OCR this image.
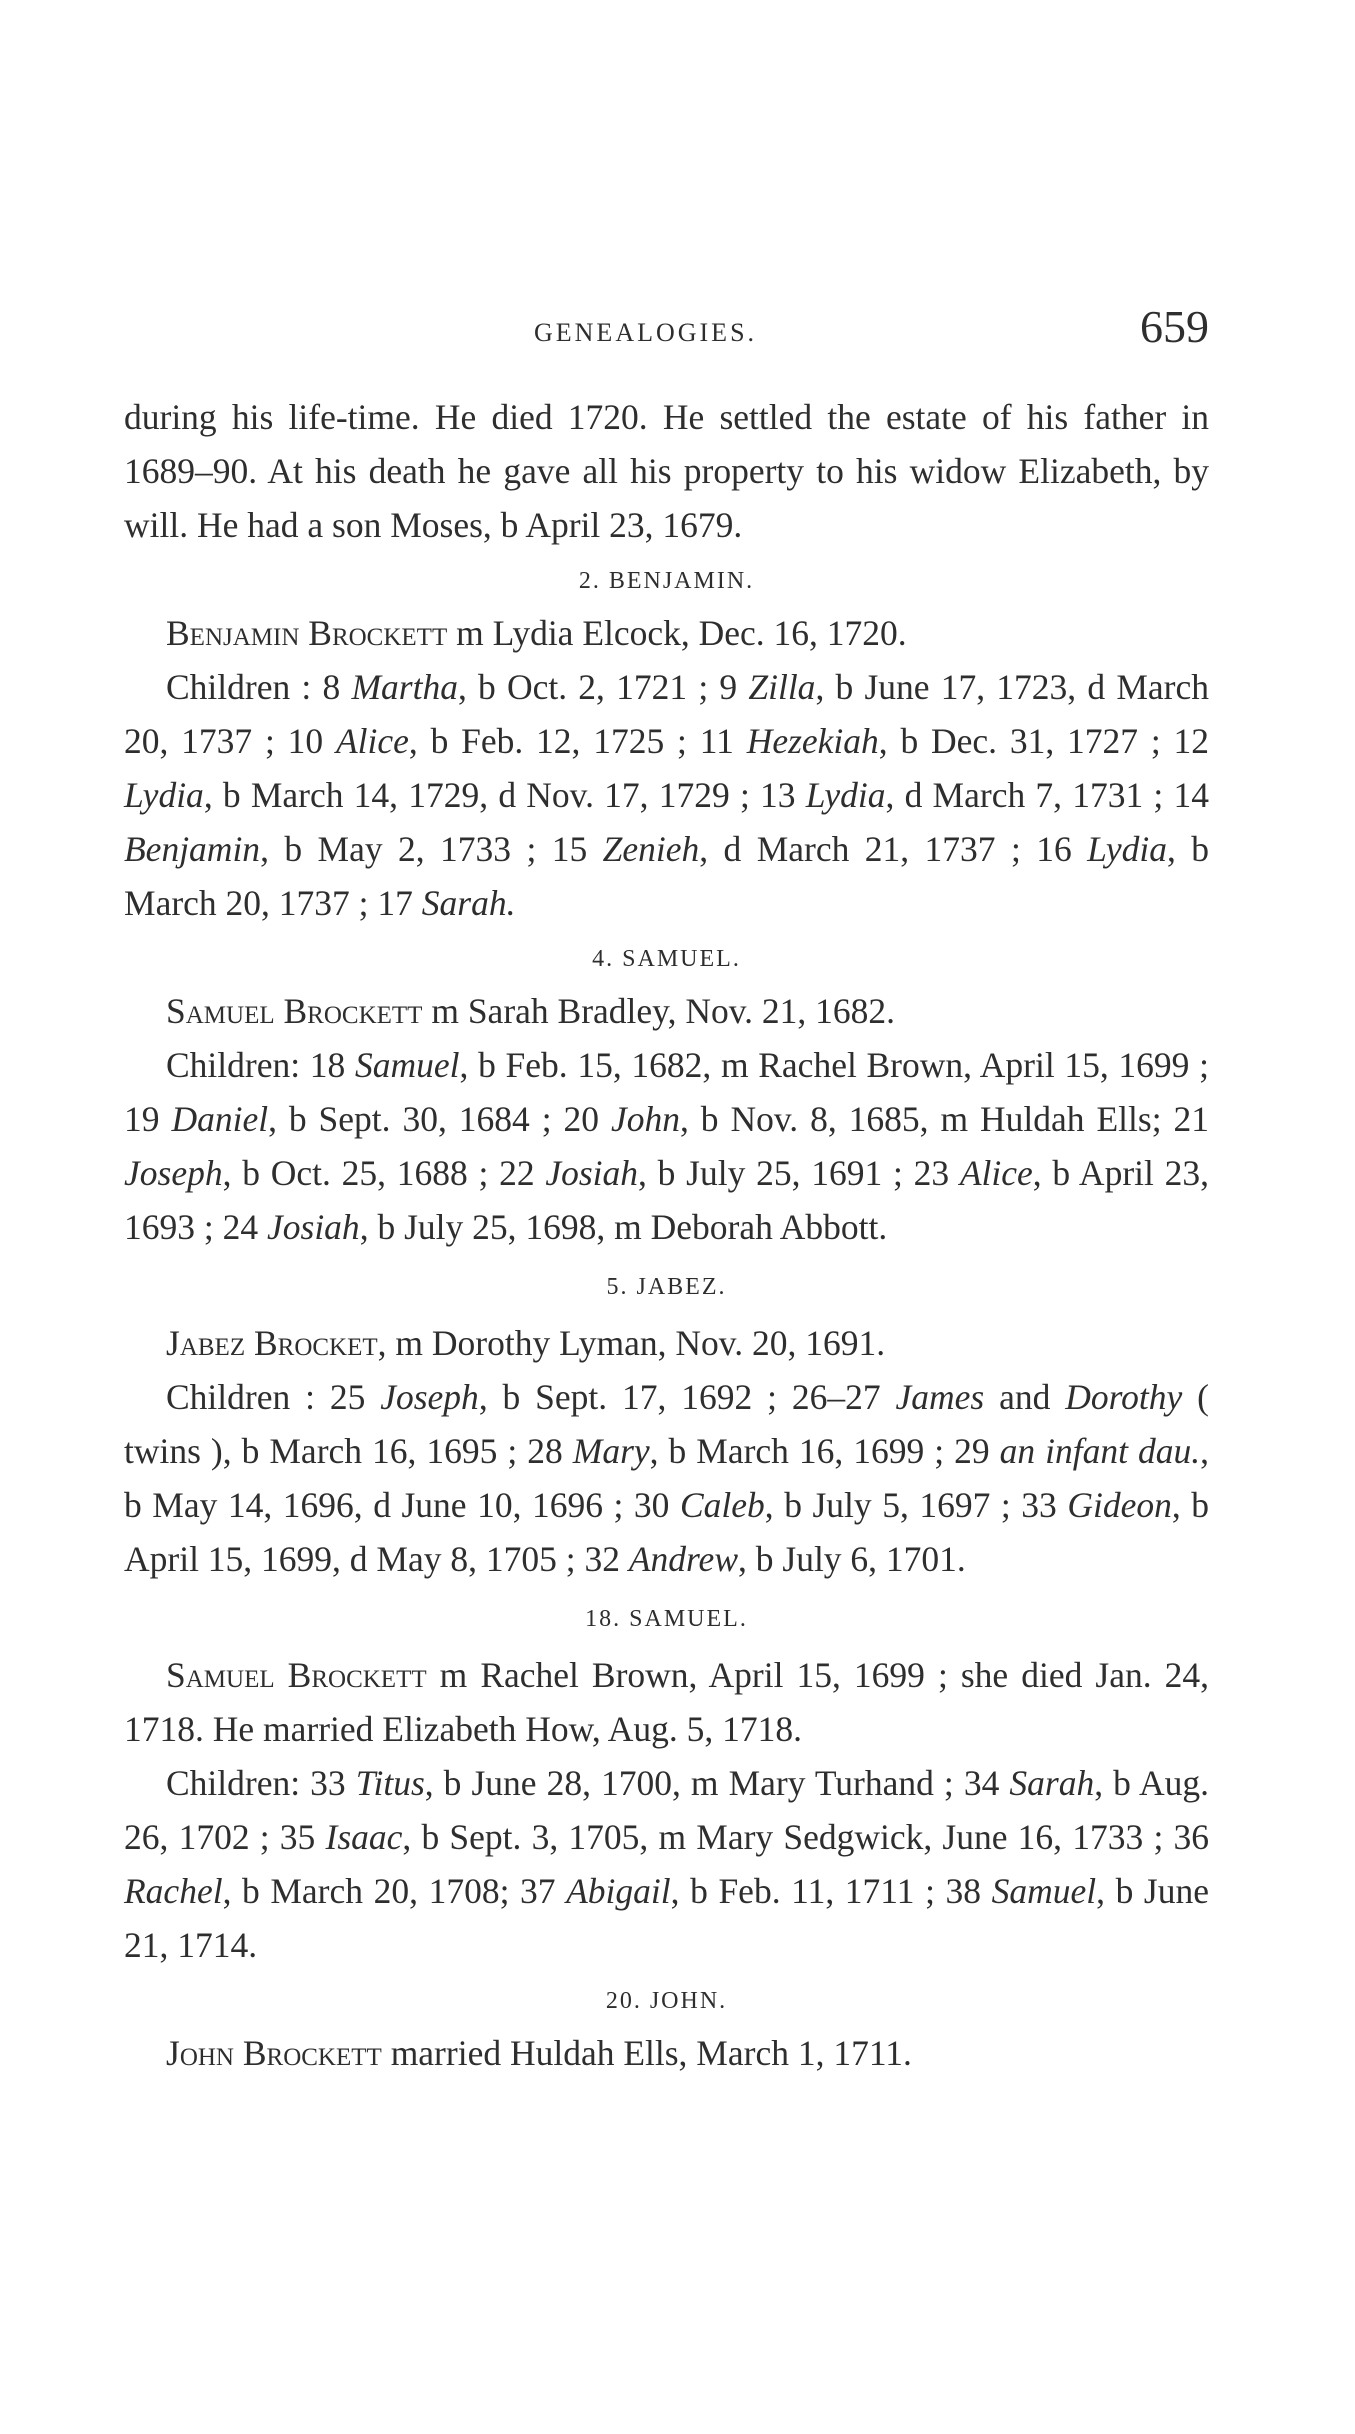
GENEALOGIES.	659

during his life-time. He died 1720. He settled the estate of his father in 1689–90. At his death he gave all his property to his widow Elizabeth, by will. He had a son Moses, b April 23, 1679.

2. BENJAMIN.

Benjamin Brockett m Lydia Elcock, Dec. 16, 1720.

Children : 8 Martha, b Oct. 2, 1721 ; 9 Zilla, b June 17, 1723, d March 20, 1737 ; 10 Alice, b Feb. 12, 1725 ; 11 Hezekiah, b Dec. 31, 1727 ; 12 Lydia, b March 14, 1729, d Nov. 17, 1729 ; 13 Lydia, d March 7, 1731 ; 14 Benjamin, b May 2, 1733 ; 15 Zenieh, d March 21, 1737 ; 16 Lydia, b March 20, 1737 ; 17 Sarah.

4. SAMUEL.

Samuel Brockett m Sarah Bradley, Nov. 21, 1682.

Children: 18 Samuel, b Feb. 15, 1682, m Rachel Brown, April 15, 1699 ; 19 Daniel, b Sept. 30, 1684 ; 20 John, b Nov. 8, 1685, m Huldah Ells; 21 Joseph, b Oct. 25, 1688 ; 22 Josiah, b July 25, 1691 ; 23 Alice, b April 23, 1693 ; 24 Josiah, b July 25, 1698, m Deborah Abbott.

5. JABEZ.

Jabez Brocket, m Dorothy Lyman, Nov. 20, 1691.

Children : 25 Joseph, b Sept. 17, 1692 ; 26–27 James and Dorothy ( twins ), b March 16, 1695 ; 28 Mary, b March 16, 1699 ; 29 an infant dau., b May 14, 1696, d June 10, 1696 ; 30 Caleb, b July 5, 1697 ; 33 Gideon, b April 15, 1699, d May 8, 1705 ; 32 Andrew, b July 6, 1701.

18. SAMUEL.

Samuel Brockett m Rachel Brown, April 15, 1699 ; she died Jan. 24, 1718. He married Elizabeth How, Aug. 5, 1718.

Children: 33 Titus, b June 28, 1700, m Mary Turhand ; 34 Sarah, b Aug. 26, 1702 ; 35 Isaac, b Sept. 3, 1705, m Mary Sedgwick, June 16, 1733 ; 36 Rachel, b March 20, 1708; 37 Abigail, b Feb. 11, 1711 ; 38 Samuel, b June 21, 1714.

20. JOHN.

John Brockett married Huldah Ells, March 1, 1711.
